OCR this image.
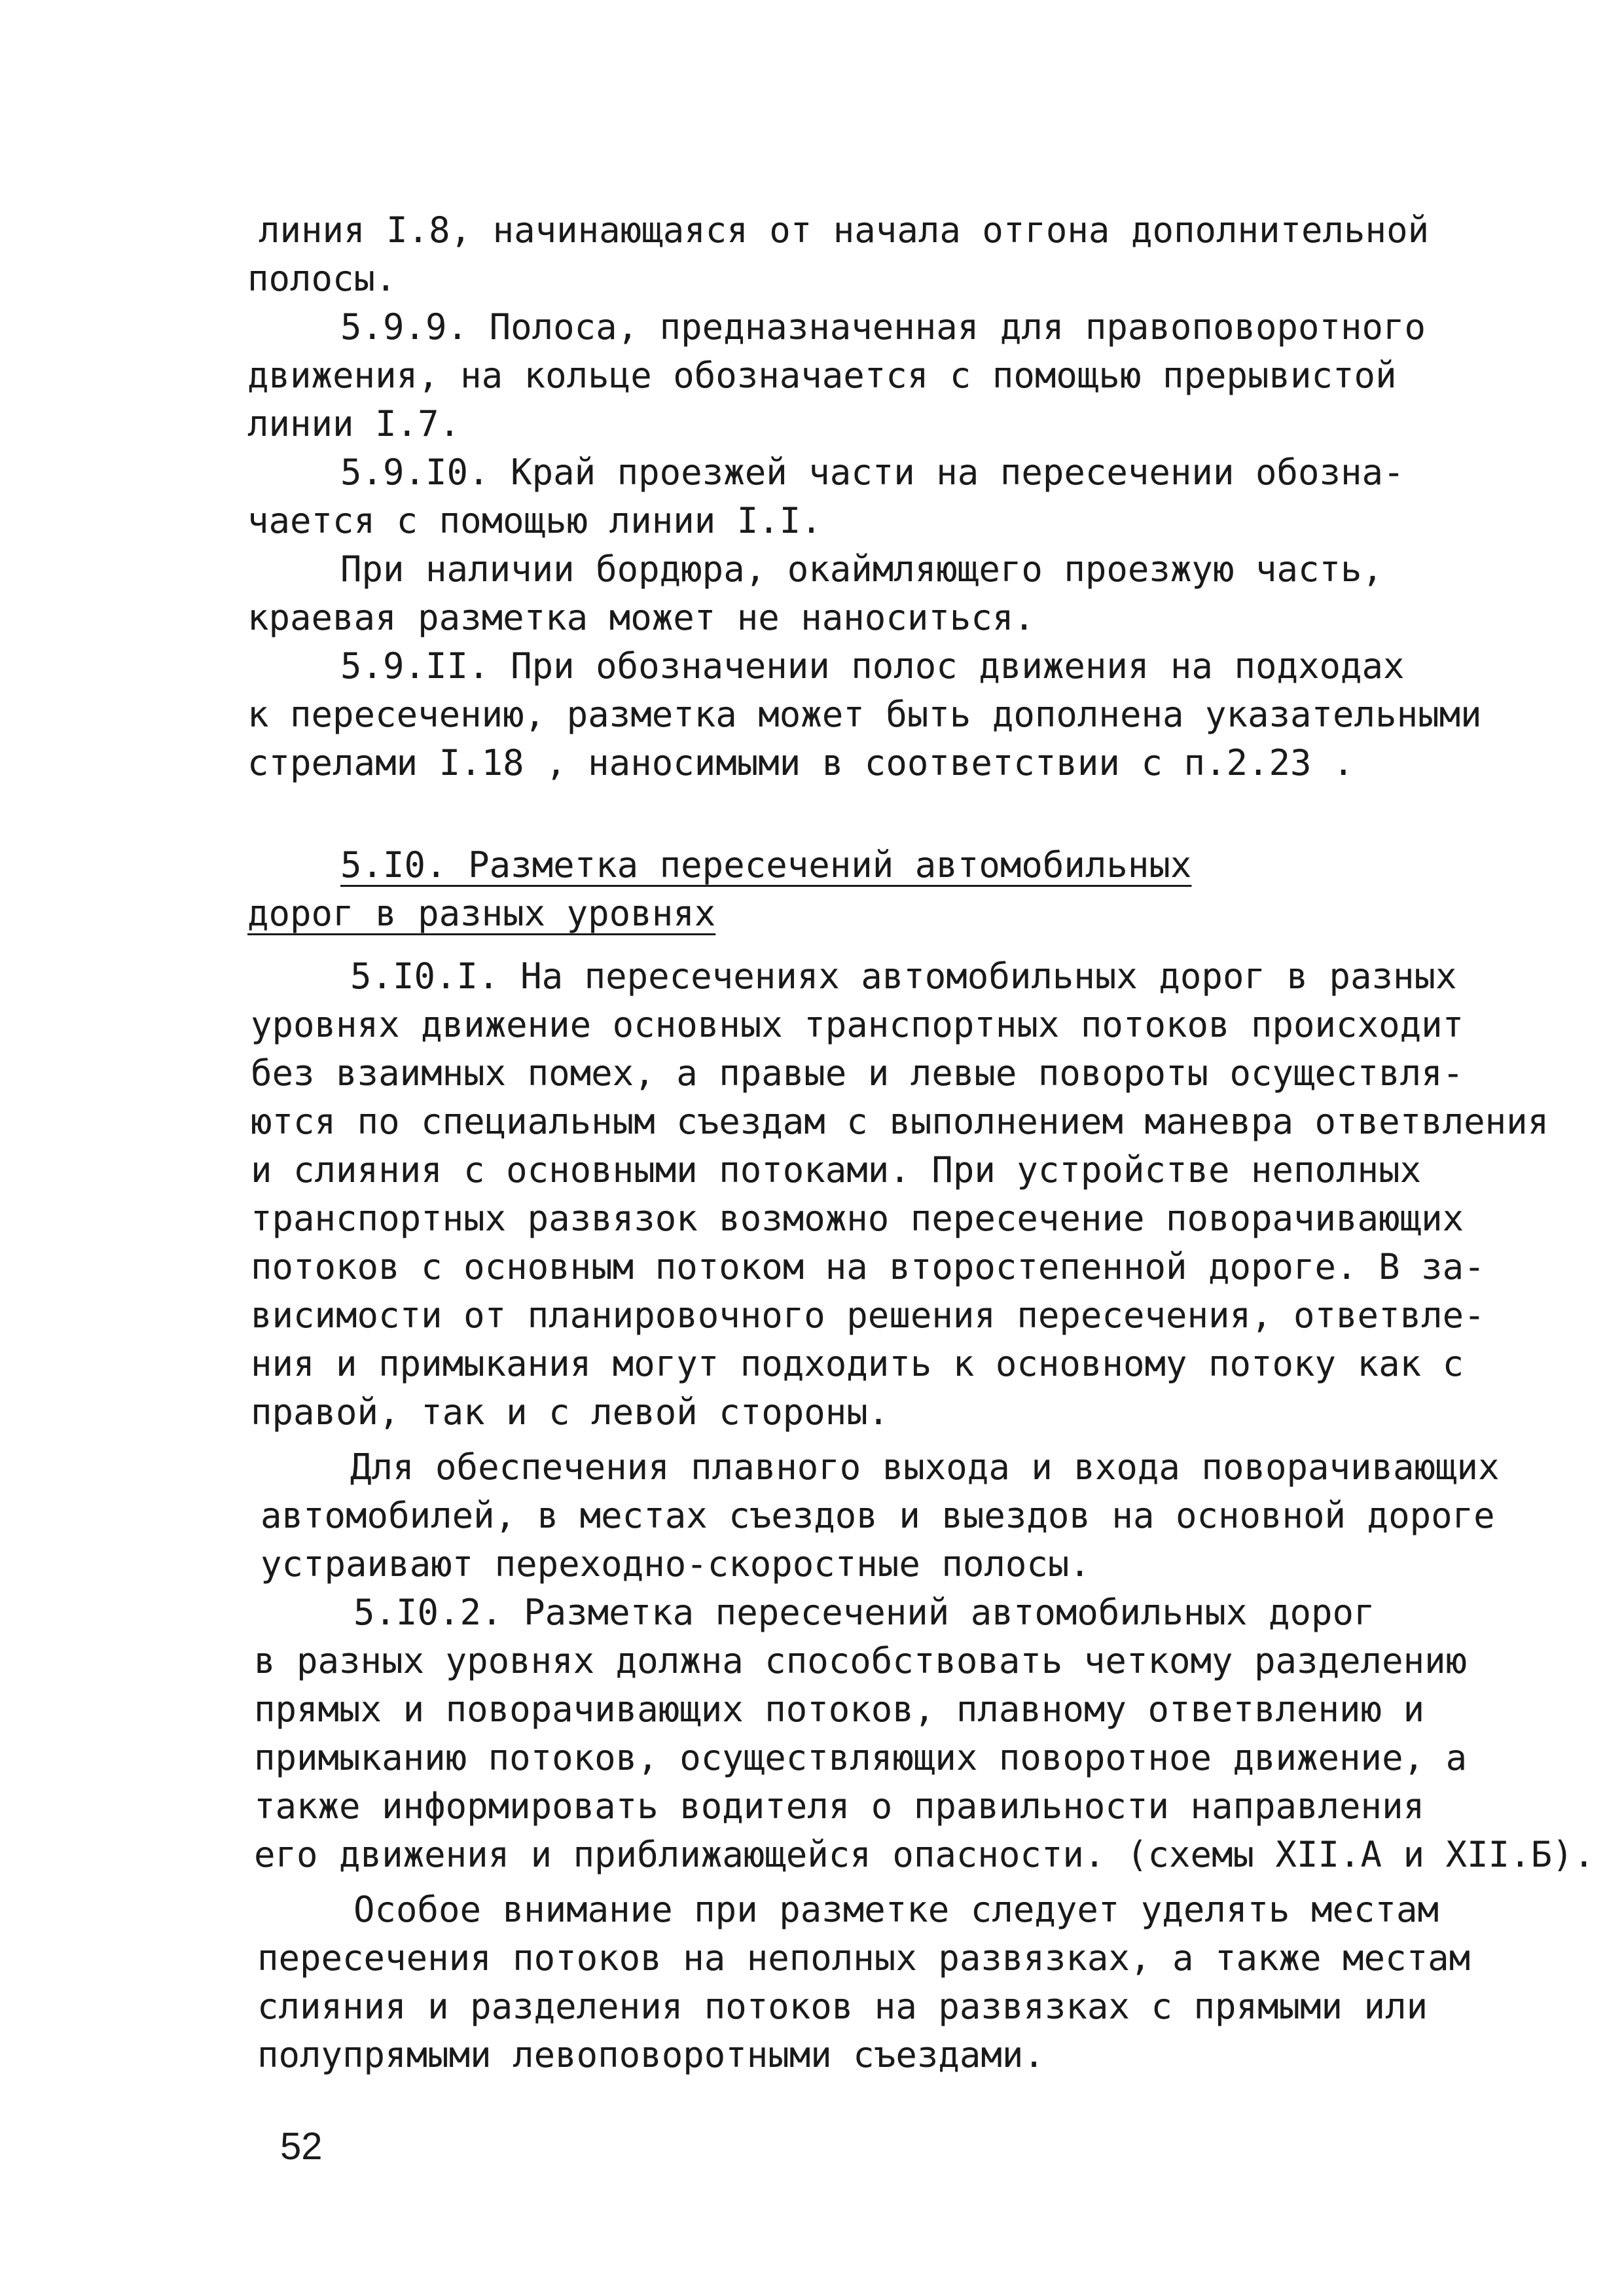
линия I.8, начинающаяся от начала отгона дополнительной
полосы.
5.9.9. Полоса, предназначенная для правоповоротного
движения, на кольце обозначается с помощью прерывистой
линии I.7.
5.9.I0. Край проезжей части на пересечении обозна-
чается с помощью линии I.I.
При наличии бордюра, окаймляющего проезжую часть,
краевая разметка может не наноситься.
5.9.II. При обозначении полос движения на подходах
к пересечению, разметка может быть дополнена указательными
стрелами I.18 , наносимыми в соответствии с п.2.23 .
5.I0. Разметка пересечений автомобильных
дорог в разных уровнях
5.I0.I. На пересечениях автомобильных дорог в разных
уровнях движение основных транспортных потоков происходит
без взаимных помех, а правые и левые повороты осуществля-
ются по специальным съездам с выполнением маневра ответвления
и слияния с основными потоками. При устройстве неполных
транспортных развязок возможно пересечение поворачивающих
потоков с основным потоком на второстепенной дороге. В за-
висимости от планировочного решения пересечения, ответвле-
ния и примыкания могут подходить к основному потоку как с
правой, так и с левой стороны.
Для обеспечения плавного выхода и входа поворачивающих
автомобилей, в местах съездов и выездов на основной дороге
устраивают переходно-скоростные полосы.
5.I0.2. Разметка пересечений автомобильных дорог
в разных уровнях должна способствовать четкому разделению
прямых и поворачивающих потоков, плавному ответвлению и
примыканию потоков, осуществляющих поворотное движение, а
также информировать водителя о правильности направления
его движения и приближающейся опасности. (схемы XII.A и XII.Б).
Особое внимание при разметке следует уделять местам
пересечения потоков на неполных развязках, а также местам
слияния и разделения потоков на развязках с прямыми или
полупрямыми левоповоротными съездами.
52
